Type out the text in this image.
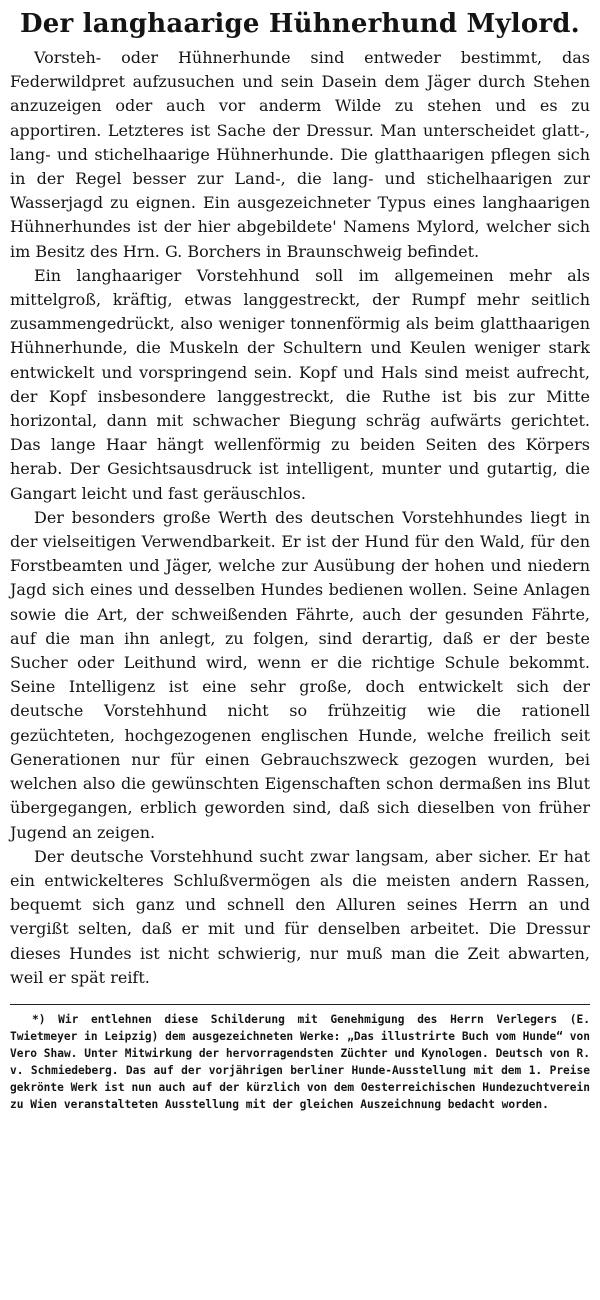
Der langhaarige Hühnerhund Mylord.

Vorsteh- oder Hühnerhunde sind entweder bestimmt, das Federwildpret aufzusuchen und sein Dasein dem Jäger durch Stehen anzuzeigen oder auch vor anderm Wilde zu stehen und es zu apportiren. Letzteres ist Sache der Dressur. Man unterscheidet glatt-, lang- und stichelhaarige Hühnerhunde. Die glatthaarigen pflegen sich in der Regel besser zur Land-, die lang- und stichelhaarigen zur Wasserjagd zu eignen. Ein ausgezeichneter Typus eines langhaarigen Hühnerhundes ist der hier abgebildete' Namens Mylord, welcher sich im Besitz des Hrn. G. Borchers in Braunschweig befindet.

Ein langhaariger Vorstehhund soll im allgemeinen mehr als mittelgroß, kräftig, etwas langgestreckt, der Rumpf mehr seitlich zusammengedrückt, also weniger tonnenförmig als beim glatthaarigen Hühnerhunde, die Muskeln der Schultern und Keulen weniger stark entwickelt und vorspringend sein. Kopf und Hals sind meist aufrecht, der Kopf insbesondere langgestreckt, die Ruthe ist bis zur Mitte horizontal, dann mit schwacher Biegung schräg aufwärts gerichtet. Das lange Haar hängt wellenförmig zu beiden Seiten des Körpers herab. Der Gesichtsausdruck ist intelligent, munter und gutartig, die Gangart leicht und fast geräuschlos.

Der besonders große Werth des deutschen Vorstehhundes liegt in der vielseitigen Verwendbarkeit. Er ist der Hund für den Wald, für den Forstbeamten und Jäger, welche zur Ausübung der hohen und niedern Jagd sich eines und desselben Hundes bedienen wollen. Seine Anlagen sowie die Art, der schweißenden Fährte, auch der gesunden Fährte, auf die man ihn anlegt, zu folgen, sind derartig, daß er der beste Sucher oder Leithund wird, wenn er die richtige Schule bekommt. Seine Intelligenz ist eine sehr große, doch entwickelt sich der deutsche Vorstehhund nicht so frühzeitig wie die rationell gezüchteten, hochgezogenen englischen Hunde, welche freilich seit Generationen nur für einen Gebrauchszweck gezogen wurden, bei welchen also die gewünschten Eigenschaften schon dermaßen ins Blut übergegangen, erblich geworden sind, daß sich dieselben von früher Jugend an zeigen.

Der deutsche Vorstehhund sucht zwar langsam, aber sicher. Er hat ein entwickelteres Schlußvermögen als die meisten andern Rassen, bequemt sich ganz und schnell den Alluren seines Herrn an und vergißt selten, daß er mit und für denselben arbeitet. Die Dressur dieses Hundes ist nicht schwierig, nur muß man die Zeit abwarten, weil er spät reift.

*) Wir entlehnen diese Schilderung mit Genehmigung des Herrn Verlegers (E. Twietmeyer in Leipzig) dem ausgezeichneten Werke: „Das illustrirte Buch vom Hunde“ von Vero Shaw. Unter Mitwirkung der hervorragendsten Züchter und Kynologen. Deutsch von R. v. Schmiedeberg. Das auf der vorjährigen berliner Hunde-Ausstellung mit dem 1. Preise gekrönte Werk ist nun auch auf der kürzlich von dem Oesterreichischen Hundezuchtverein zu Wien veranstalteten Ausstellung mit der gleichen Auszeichnung bedacht worden.
